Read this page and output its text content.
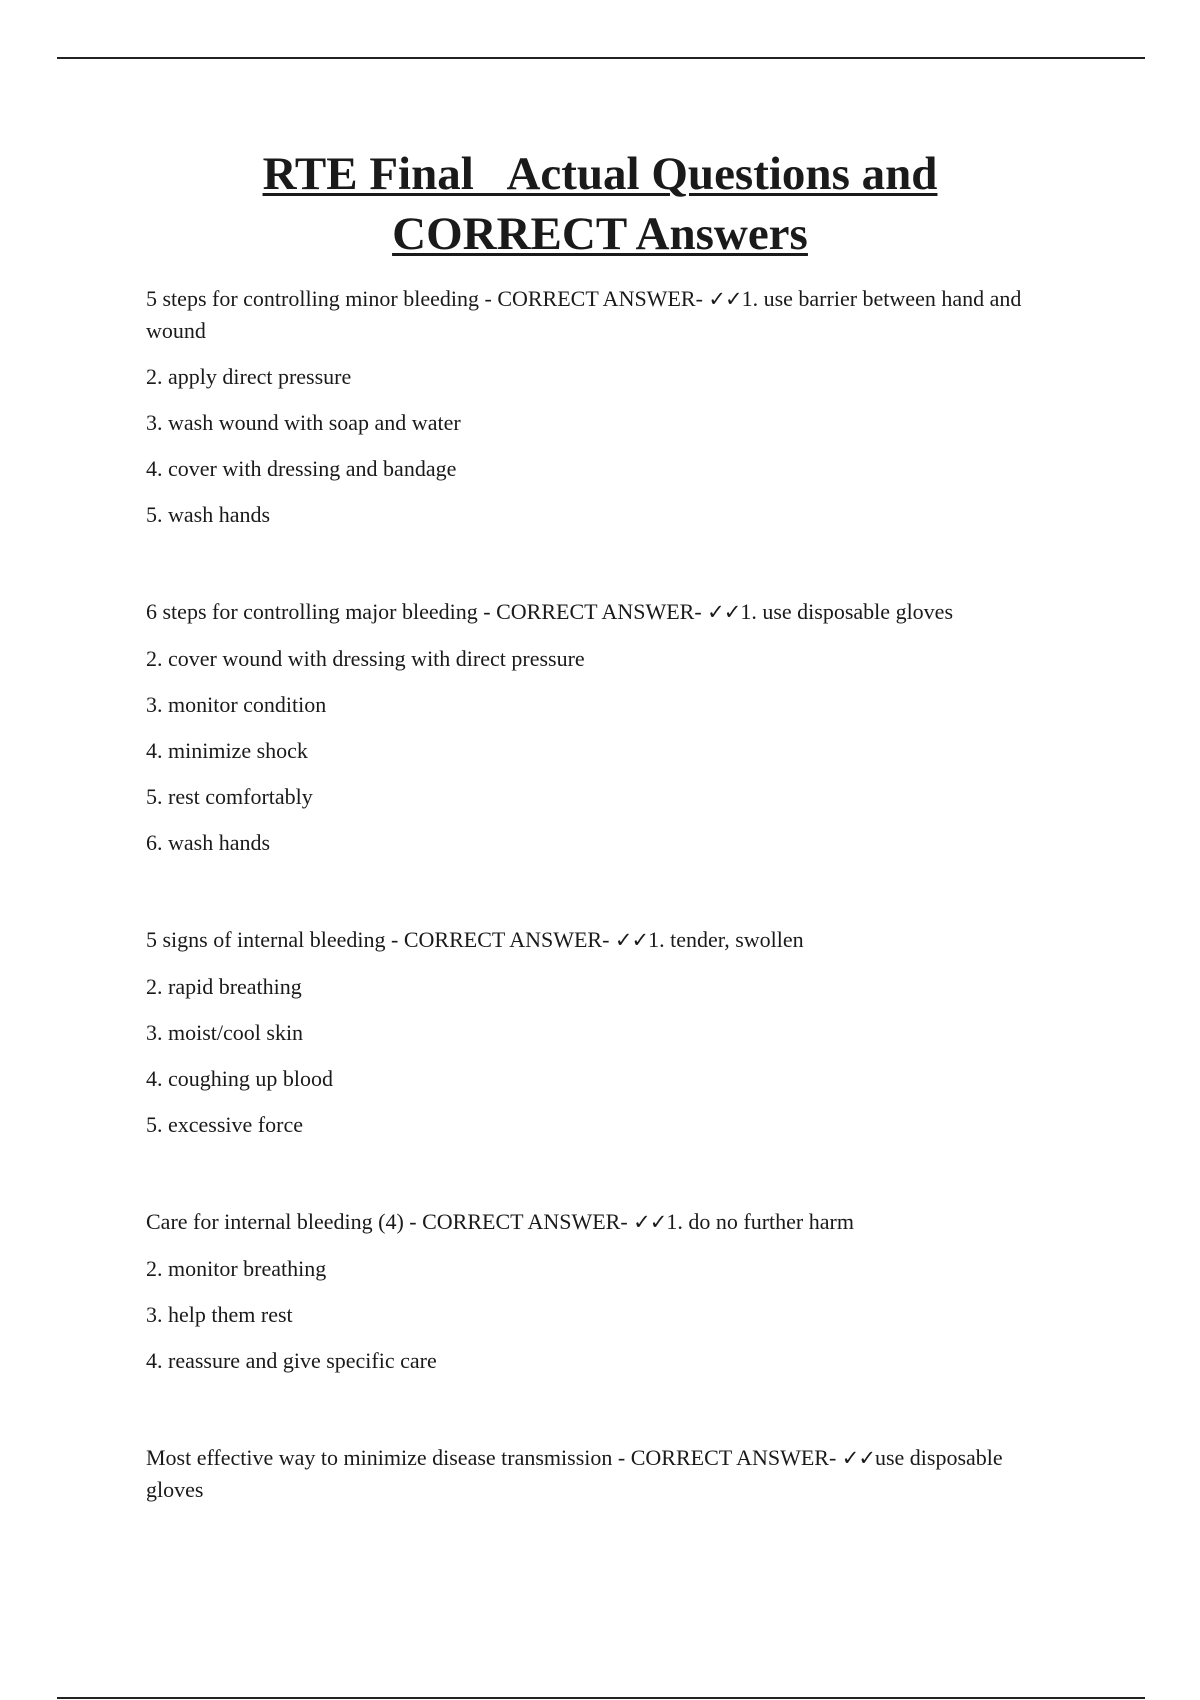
RTE Final   Actual Questions and
CORRECT Answers

5 steps for controlling minor bleeding - CORRECT ANSWER- ✓✓1. use barrier between hand and wound

2. apply direct pressure

3. wash wound with soap and water

4. cover with dressing and bandage

5. wash hands

6 steps for controlling major bleeding - CORRECT ANSWER- ✓✓1. use disposable gloves

2. cover wound with dressing with direct pressure

3. monitor condition

4. minimize shock

5. rest comfortably

6. wash hands

5 signs of internal bleeding - CORRECT ANSWER- ✓✓1. tender, swollen

2. rapid breathing

3. moist/cool skin

4. coughing up blood

5. excessive force

Care for internal bleeding (4) - CORRECT ANSWER- ✓✓1. do no further harm

2. monitor breathing

3. help them rest

4. reassure and give specific care

Most effective way to minimize disease transmission - CORRECT ANSWER- ✓✓use disposable gloves
